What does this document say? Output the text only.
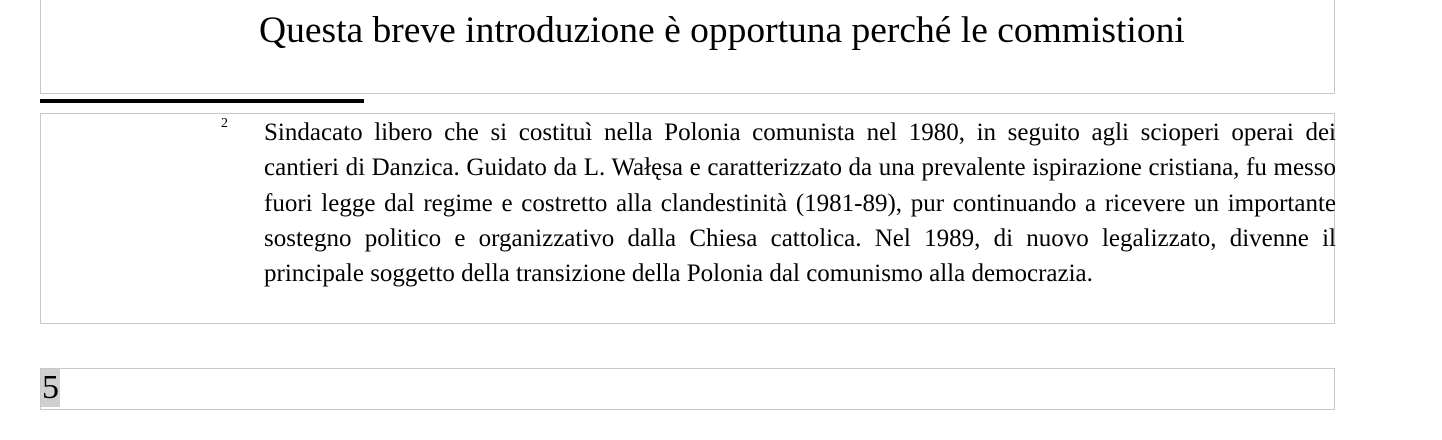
Questa breve introduzione è opportuna perché le commistioni

2 Sindacato libero che si costituì nella Polonia comunista nel 1980, in seguito agli scioperi operai dei cantieri di Danzica. Guidato da L. Wałęsa e caratterizzato da una prevalente ispirazione cristiana, fu messo fuori legge dal regime e costretto alla clandestinità (1981-89), pur continuando a ricevere un importante sostegno politico e organizzativo dalla Chiesa cattolica. Nel 1989, di nuovo legalizzato, divenne il principale soggetto della transizione della Polonia dal comunismo alla democrazia.

5
